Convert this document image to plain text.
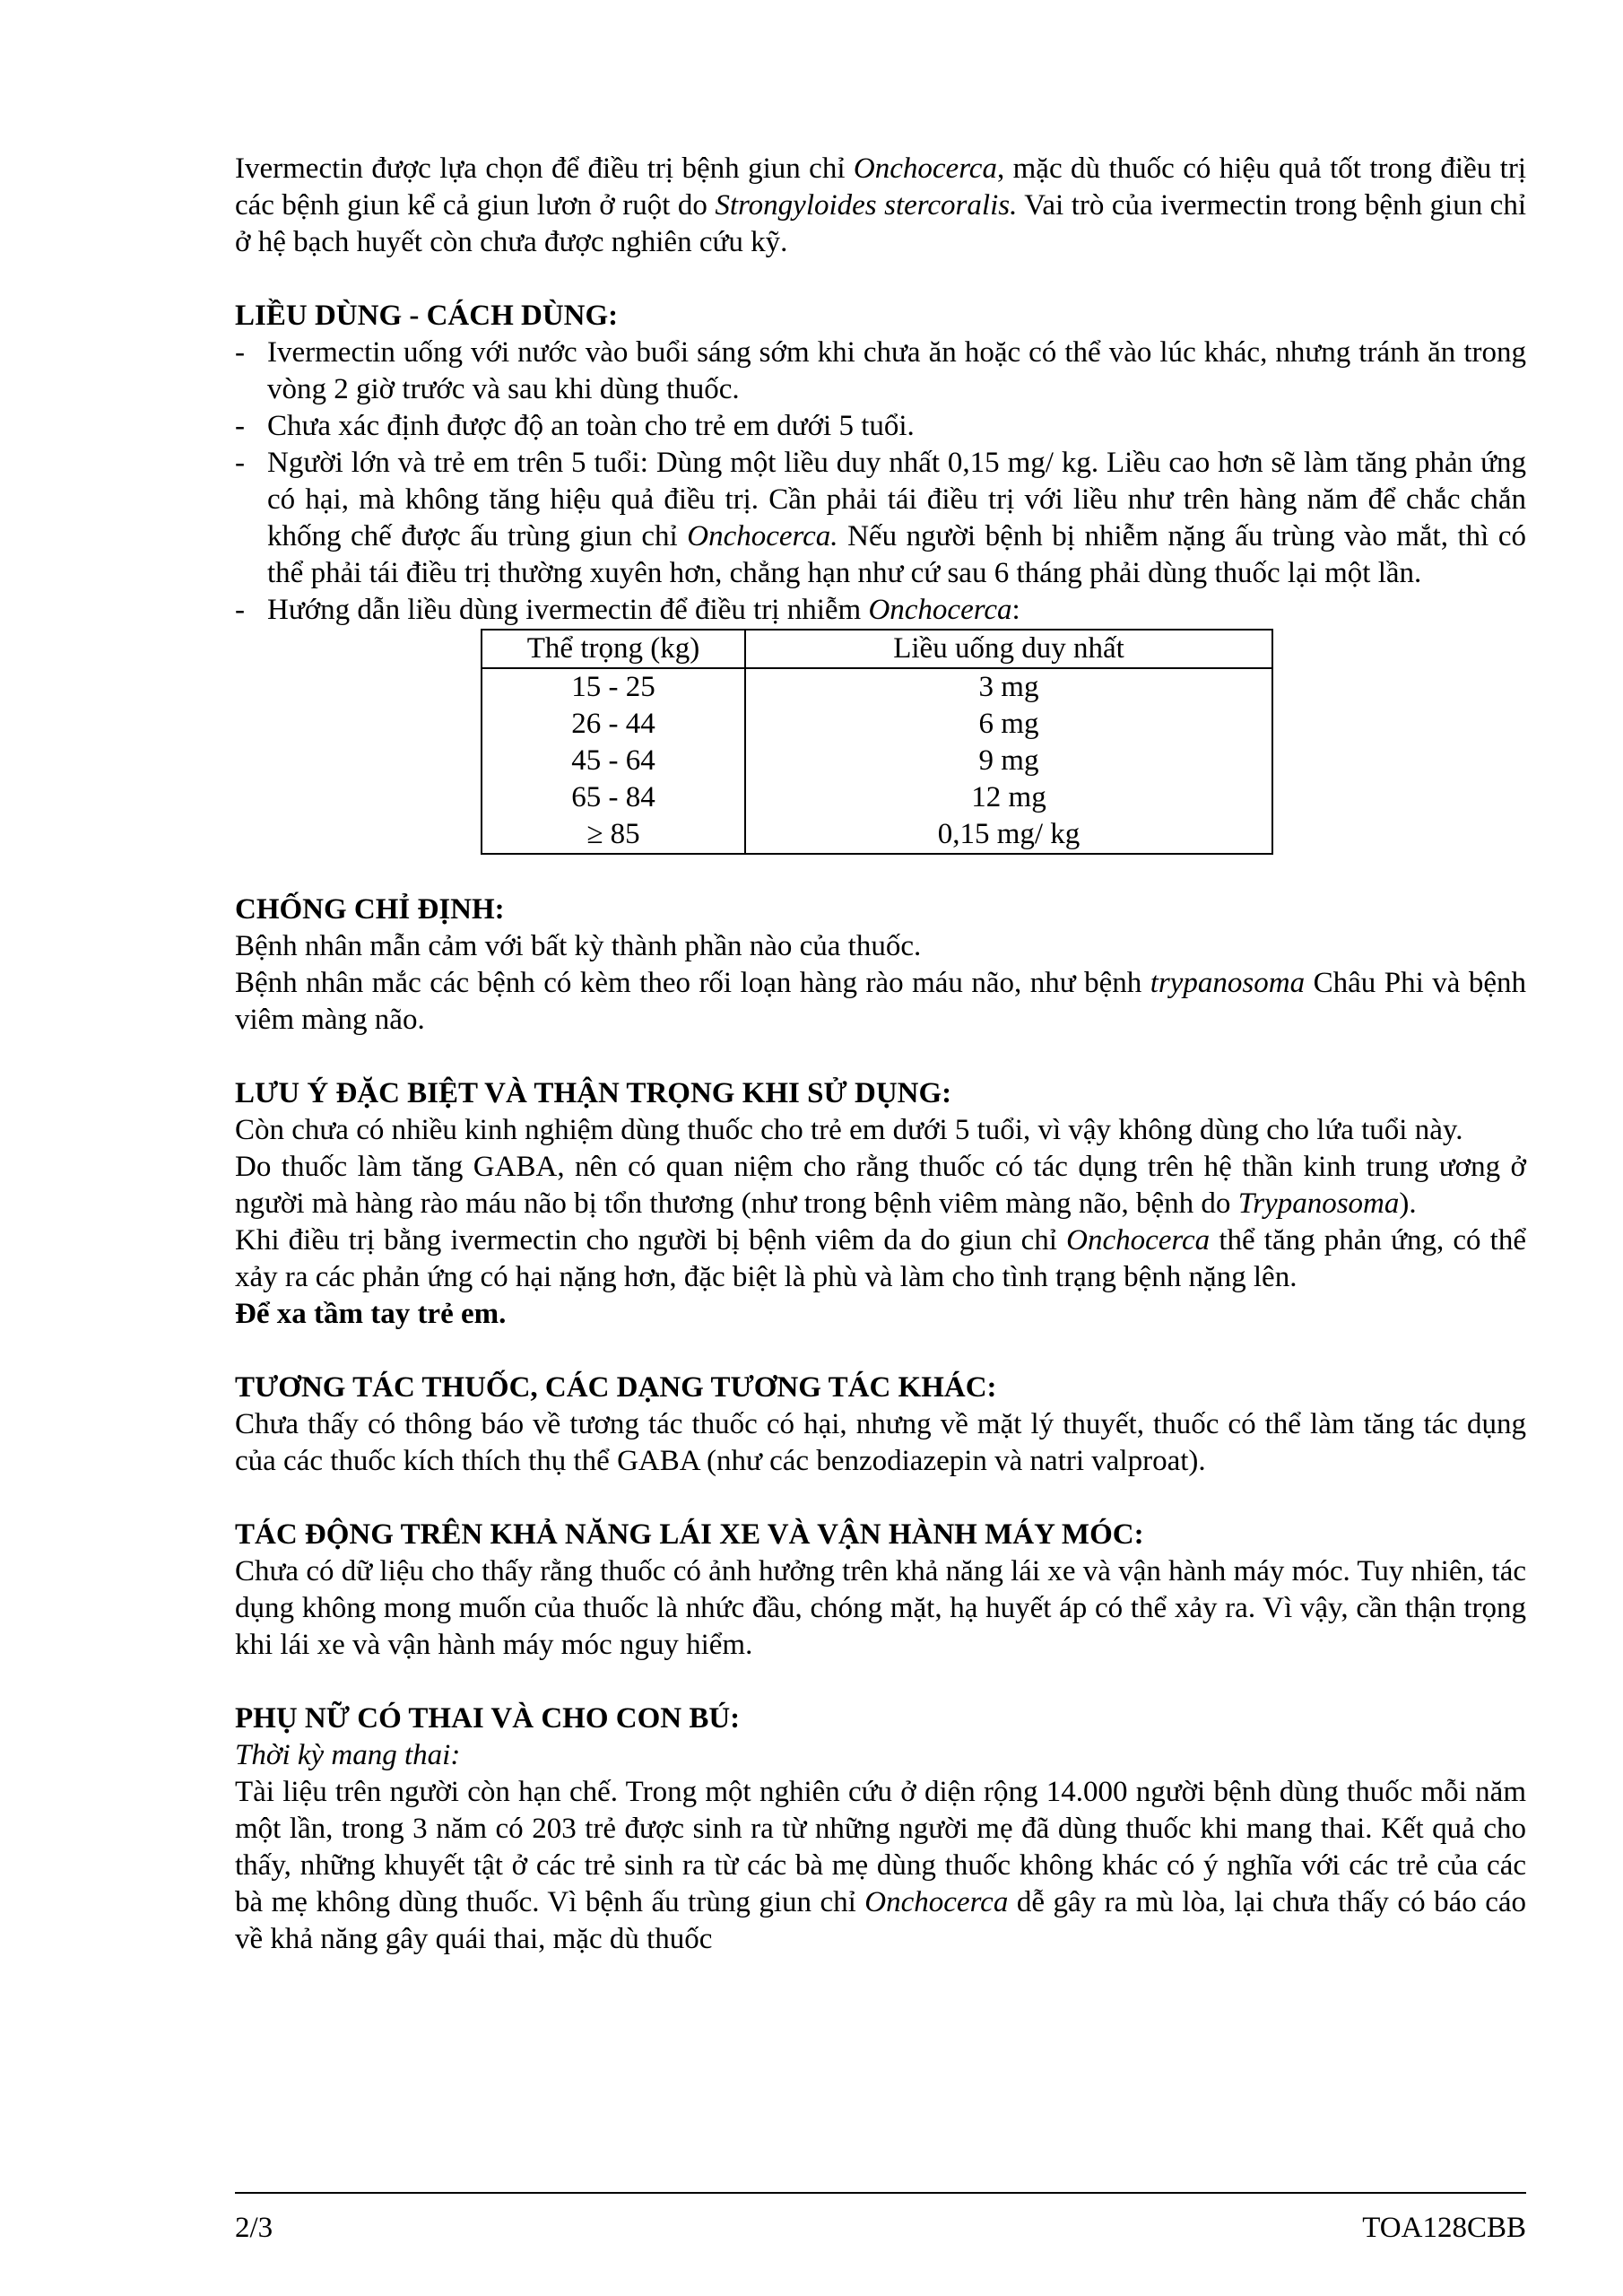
Ivermectin được lựa chọn để điều trị bệnh giun chỉ Onchocerca, mặc dù thuốc có hiệu quả tốt trong điều trị các bệnh giun kể cả giun lươn ở ruột do Strongyloides stercoralis. Vai trò của ivermectin trong bệnh giun chỉ ở hệ bạch huyết còn chưa được nghiên cứu kỹ.

LIỀU DÙNG - CÁCH DÙNG:

- Ivermectin uống với nước vào buổi sáng sớm khi chưa ăn hoặc có thể vào lúc khác, nhưng tránh ăn trong vòng 2 giờ trước và sau khi dùng thuốc.
- Chưa xác định được độ an toàn cho trẻ em dưới 5 tuổi.
- Người lớn và trẻ em trên 5 tuổi: Dùng một liều duy nhất 0,15 mg/ kg. Liều cao hơn sẽ làm tăng phản ứng có hại, mà không tăng hiệu quả điều trị. Cần phải tái điều trị với liều như trên hàng năm để chắc chắn khống chế được ấu trùng giun chỉ Onchocerca. Nếu người bệnh bị nhiễm nặng ấu trùng vào mắt, thì có thể phải tái điều trị thường xuyên hơn, chẳng hạn như cứ sau 6 tháng phải dùng thuốc lại một lần.
- Hướng dẫn liều dùng ivermectin để điều trị nhiễm Onchocerca:
Thể trọng (kg)	Liều uống duy nhất
15 - 25	3 mg
26 - 44	6 mg
45 - 64	9 mg
65 - 84	12 mg
≥ 85	0,15 mg/ kg

CHỐNG CHỈ ĐỊNH:

Bệnh nhân mẫn cảm với bất kỳ thành phần nào của thuốc.

Bệnh nhân mắc các bệnh có kèm theo rối loạn hàng rào máu não, như bệnh trypanosoma Châu Phi và bệnh viêm màng não.

LƯU Ý ĐẶC BIỆT VÀ THẬN TRỌNG KHI SỬ DỤNG:

Còn chưa có nhiều kinh nghiệm dùng thuốc cho trẻ em dưới 5 tuổi, vì vậy không dùng cho lứa tuổi này.

Do thuốc làm tăng GABA, nên có quan niệm cho rằng thuốc có tác dụng trên hệ thần kinh trung ương ở người mà hàng rào máu não bị tổn thương (như trong bệnh viêm màng não, bệnh do Trypanosoma).

Khi điều trị bằng ivermectin cho người bị bệnh viêm da do giun chỉ Onchocerca thể tăng phản ứng, có thể xảy ra các phản ứng có hại nặng hơn, đặc biệt là phù và làm cho tình trạng bệnh nặng lên.

Để xa tầm tay trẻ em.

TƯƠNG TÁC THUỐC, CÁC DẠNG TƯƠNG TÁC KHÁC:

Chưa thấy có thông báo về tương tác thuốc có hại, nhưng về mặt lý thuyết, thuốc có thể làm tăng tác dụng của các thuốc kích thích thụ thể GABA (như các benzodiazepin và natri valproat).

TÁC ĐỘNG TRÊN KHẢ NĂNG LÁI XE VÀ VẬN HÀNH MÁY MÓC:

Chưa có dữ liệu cho thấy rằng thuốc có ảnh hưởng trên khả năng lái xe và vận hành máy móc. Tuy nhiên, tác dụng không mong muốn của thuốc là nhức đầu, chóng mặt, hạ huyết áp có thể xảy ra. Vì vậy, cần thận trọng khi lái xe và vận hành máy móc nguy hiểm.

PHỤ NỮ CÓ THAI VÀ CHO CON BÚ:

Thời kỳ mang thai:

Tài liệu trên người còn hạn chế. Trong một nghiên cứu ở diện rộng 14.000 người bệnh dùng thuốc mỗi năm một lần, trong 3 năm có 203 trẻ được sinh ra từ những người mẹ đã dùng thuốc khi mang thai. Kết quả cho thấy, những khuyết tật ở các trẻ sinh ra từ các bà mẹ dùng thuốc không khác có ý nghĩa với các trẻ của các bà mẹ không dùng thuốc. Vì bệnh ấu trùng giun chỉ Onchocerca dễ gây ra mù lòa, lại chưa thấy có báo cáo về khả năng gây quái thai, mặc dù thuốc

2/3	TOA128CBB
